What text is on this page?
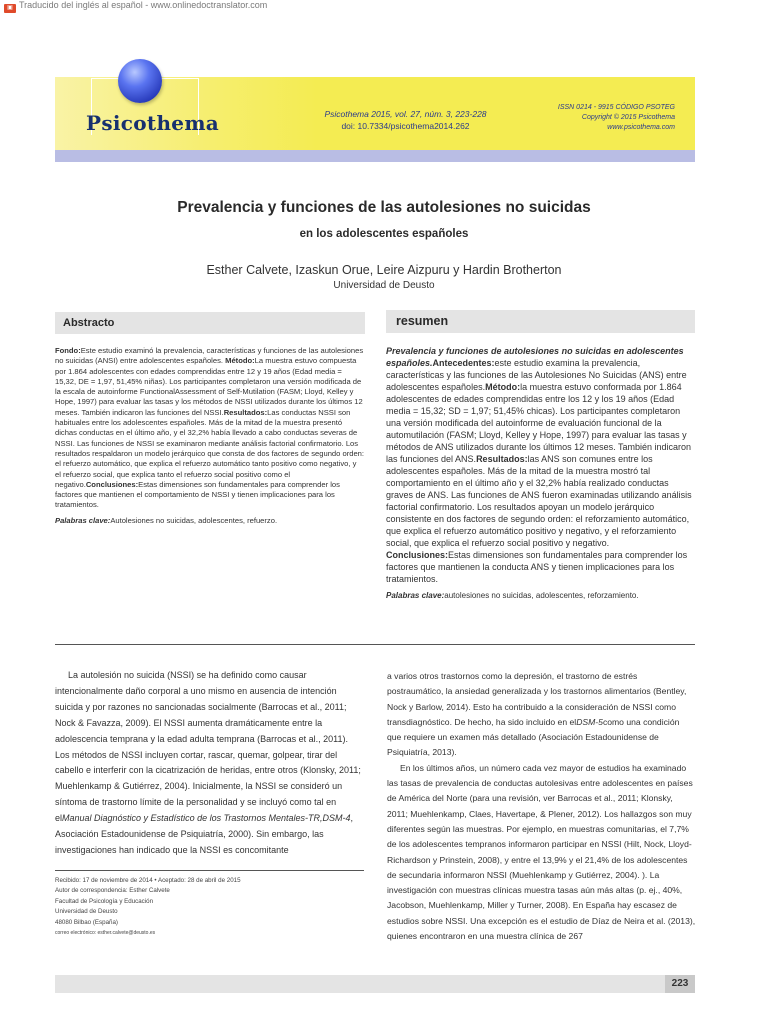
▣ Traducido del inglés al español - www.onlinedoctranslator.com
Psicothema	Psicothema 2015, vol. 27, núm. 3, 223-228
doi: 10.7334/psicothema2014.262
ISSN 0214 - 9915 CÓDIGO PSOTEG
Copyright © 2015 Psicothema
www.psicothema.com
Prevalencia y funciones de las autolesiones no suicidas
en los adolescentes españoles
Esther Calvete, Izaskun Orue, Leire Aizpuru y Hardin Brotherton
Universidad de Deusto
Abstracto	resumen

Fondo:Este estudio examinó la prevalencia, características y funciones de las autolesiones no suicidas (ANSI) entre adolescentes españoles. Método:La muestra estuvo compuesta por 1.864 adolescentes con edades comprendidas entre 12 y 19 años (Edad media = 15,32, DE = 1,97, 51,45% niñas). Los participantes completaron una versión modificada de la escala de autoinforme FunctionalAssessment of Self-Mutilation (FASM; Lloyd, Kelley y Hope, 1997) para evaluar las tasas y los métodos de NSSI utilizados durante los últimos 12 meses. También indicaron las funciones del NSSI.Resultados:Las conductas NSSI son habituales entre los adolescentes españoles. Más de la mitad de la muestra presentó dichas conductas en el último año, y el 32,2% había llevado a cabo conductas severas de NSSI. Las funciones de NSSI se examinaron mediante análisis factorial confirmatorio. Los resultados respaldaron un modelo jerárquico que consta de dos factores de segundo orden: el refuerzo automático, que explica el refuerzo automático tanto positivo como negativo, y el refuerzo social, que explica tanto el refuerzo social positivo como el negativo.Conclusiones:Estas dimensiones son fundamentales para comprender los factores que mantienen el comportamiento de NSSI y tienen implicaciones para los tratamientos.

Palabras clave:Autolesiones no suicidas, adolescentes, refuerzo.

Prevalencia y funciones de autolesiones no suicidas en adolescentes españoles.Antecedentes:este estudio examina la prevalencia, características y las funciones de las Autolesiones No Suicidas (ANS) entre adolescentes españoles.Método:la muestra estuvo conformada por 1.864 adolescentes de edades comprendidas entre los 12 y los 19 años (Edad media = 15,32; SD = 1,97; 51,45% chicas). Los participantes completaron una versión modificada del autoinforme de evaluación funcional de la automutilación (FASM; Lloyd, Kelley y Hope, 1997) para evaluar las tasas y métodos de ANS utilizados durante los últimos 12 meses. También indicaron las funciones del ANS.Resultados:las ANS son comunes entre los adolescentes españoles. Más de la mitad de la muestra mostró tal comportamiento en el último año y el 32,2% había realizado conductas graves de ANS. Las funciones de ANS fueron examinadas utilizando análisis factorial confirmatorio. Los resultados apoyan un modelo jerárquico consistente en dos factores de segundo orden: el reforzamiento automático, que explica el refuerzo automático positivo y negativo, y el reforzamiento social, que explica el refuerzo social positivo y negativo. Conclusiones:Estas dimensiones son fundamentales para comprender los factores que mantienen la conducta ANS y tienen implicaciones para los tratamientos.

Palabras clave:autolesiones no suicidas, adolescentes, reforzamiento.

La autolesión no suicida (NSSI) se ha definido como causar intencionalmente daño corporal a uno mismo en ausencia de intención suicida y por razones no sancionadas socialmente (Barrocas et al., 2011; Nock & Favazza, 2009). El NSSI aumenta dramáticamente entre la adolescencia temprana y la edad adulta temprana (Barrocas et al., 2011). Los métodos de NSSI incluyen cortar, rascar, quemar, golpear, tirar del cabello e interferir con la cicatrización de heridas, entre otros (Klonsky, 2011; Muehlenkamp & Gutiérrez, 2004). Inicialmente, la NSSI se consideró un síntoma de trastorno límite de la personalidad y se incluyó como tal en elManual Diagnóstico y Estadístico de los Trastornos Mentales-TR,DSM-4, Asociación Estadounidense de Psiquiatría, 2000). Sin embargo, las investigaciones han indicado que la NSSI es concomitante

a varios otros trastornos como la depresión, el trastorno de estrés postraumático, la ansiedad generalizada y los trastornos alimentarios (Bentley, Nock y Barlow, 2014). Esto ha contribuido a la consideración de NSSI como transdiagnóstico. De hecho, ha sido incluido en elDSM-5como una condición que requiere un examen más detallado (Asociación Estadounidense de Psiquiatría, 2013).

En los últimos años, un número cada vez mayor de estudios ha examinado las tasas de prevalencia de conductas autolesivas entre adolescentes en países de América del Norte (para una revisión, ver Barrocas et al., 2011; Klonsky, 2011; Muehlenkamp, Claes, Havertape, & Plener, 2012). Los hallazgos son muy diferentes según las muestras. Por ejemplo, en muestras comunitarias, el 7,7% de los adolescentes tempranos informaron participar en NSSI (Hilt, Nock, Lloyd-Richardson y Prinstein, 2008), y entre el 13,9% y el 21,4% de los adolescentes de secundaria informaron NSSI (Muehlenkamp y Gutiérrez, 2004). ). La investigación con muestras clínicas muestra tasas aún más altas (p. ej., 40%, Jacobson, Muehlenkamp, Miller y Turner, 2008). En España hay escasez de estudios sobre NSSI. Una excepción es el estudio de Díaz de Neira et al. (2013), quienes encontraron en una muestra clínica de 267

Recibido: 17 de noviembre de 2014 • Aceptado: 28 de abril de 2015
Autor de correspondencia: Esther Calvete
Facultad de Psicología y Educación
Universidad de Deusto
48080 Bilbao (España)
correo electrónico: esther.calvete@deusto.es
223
